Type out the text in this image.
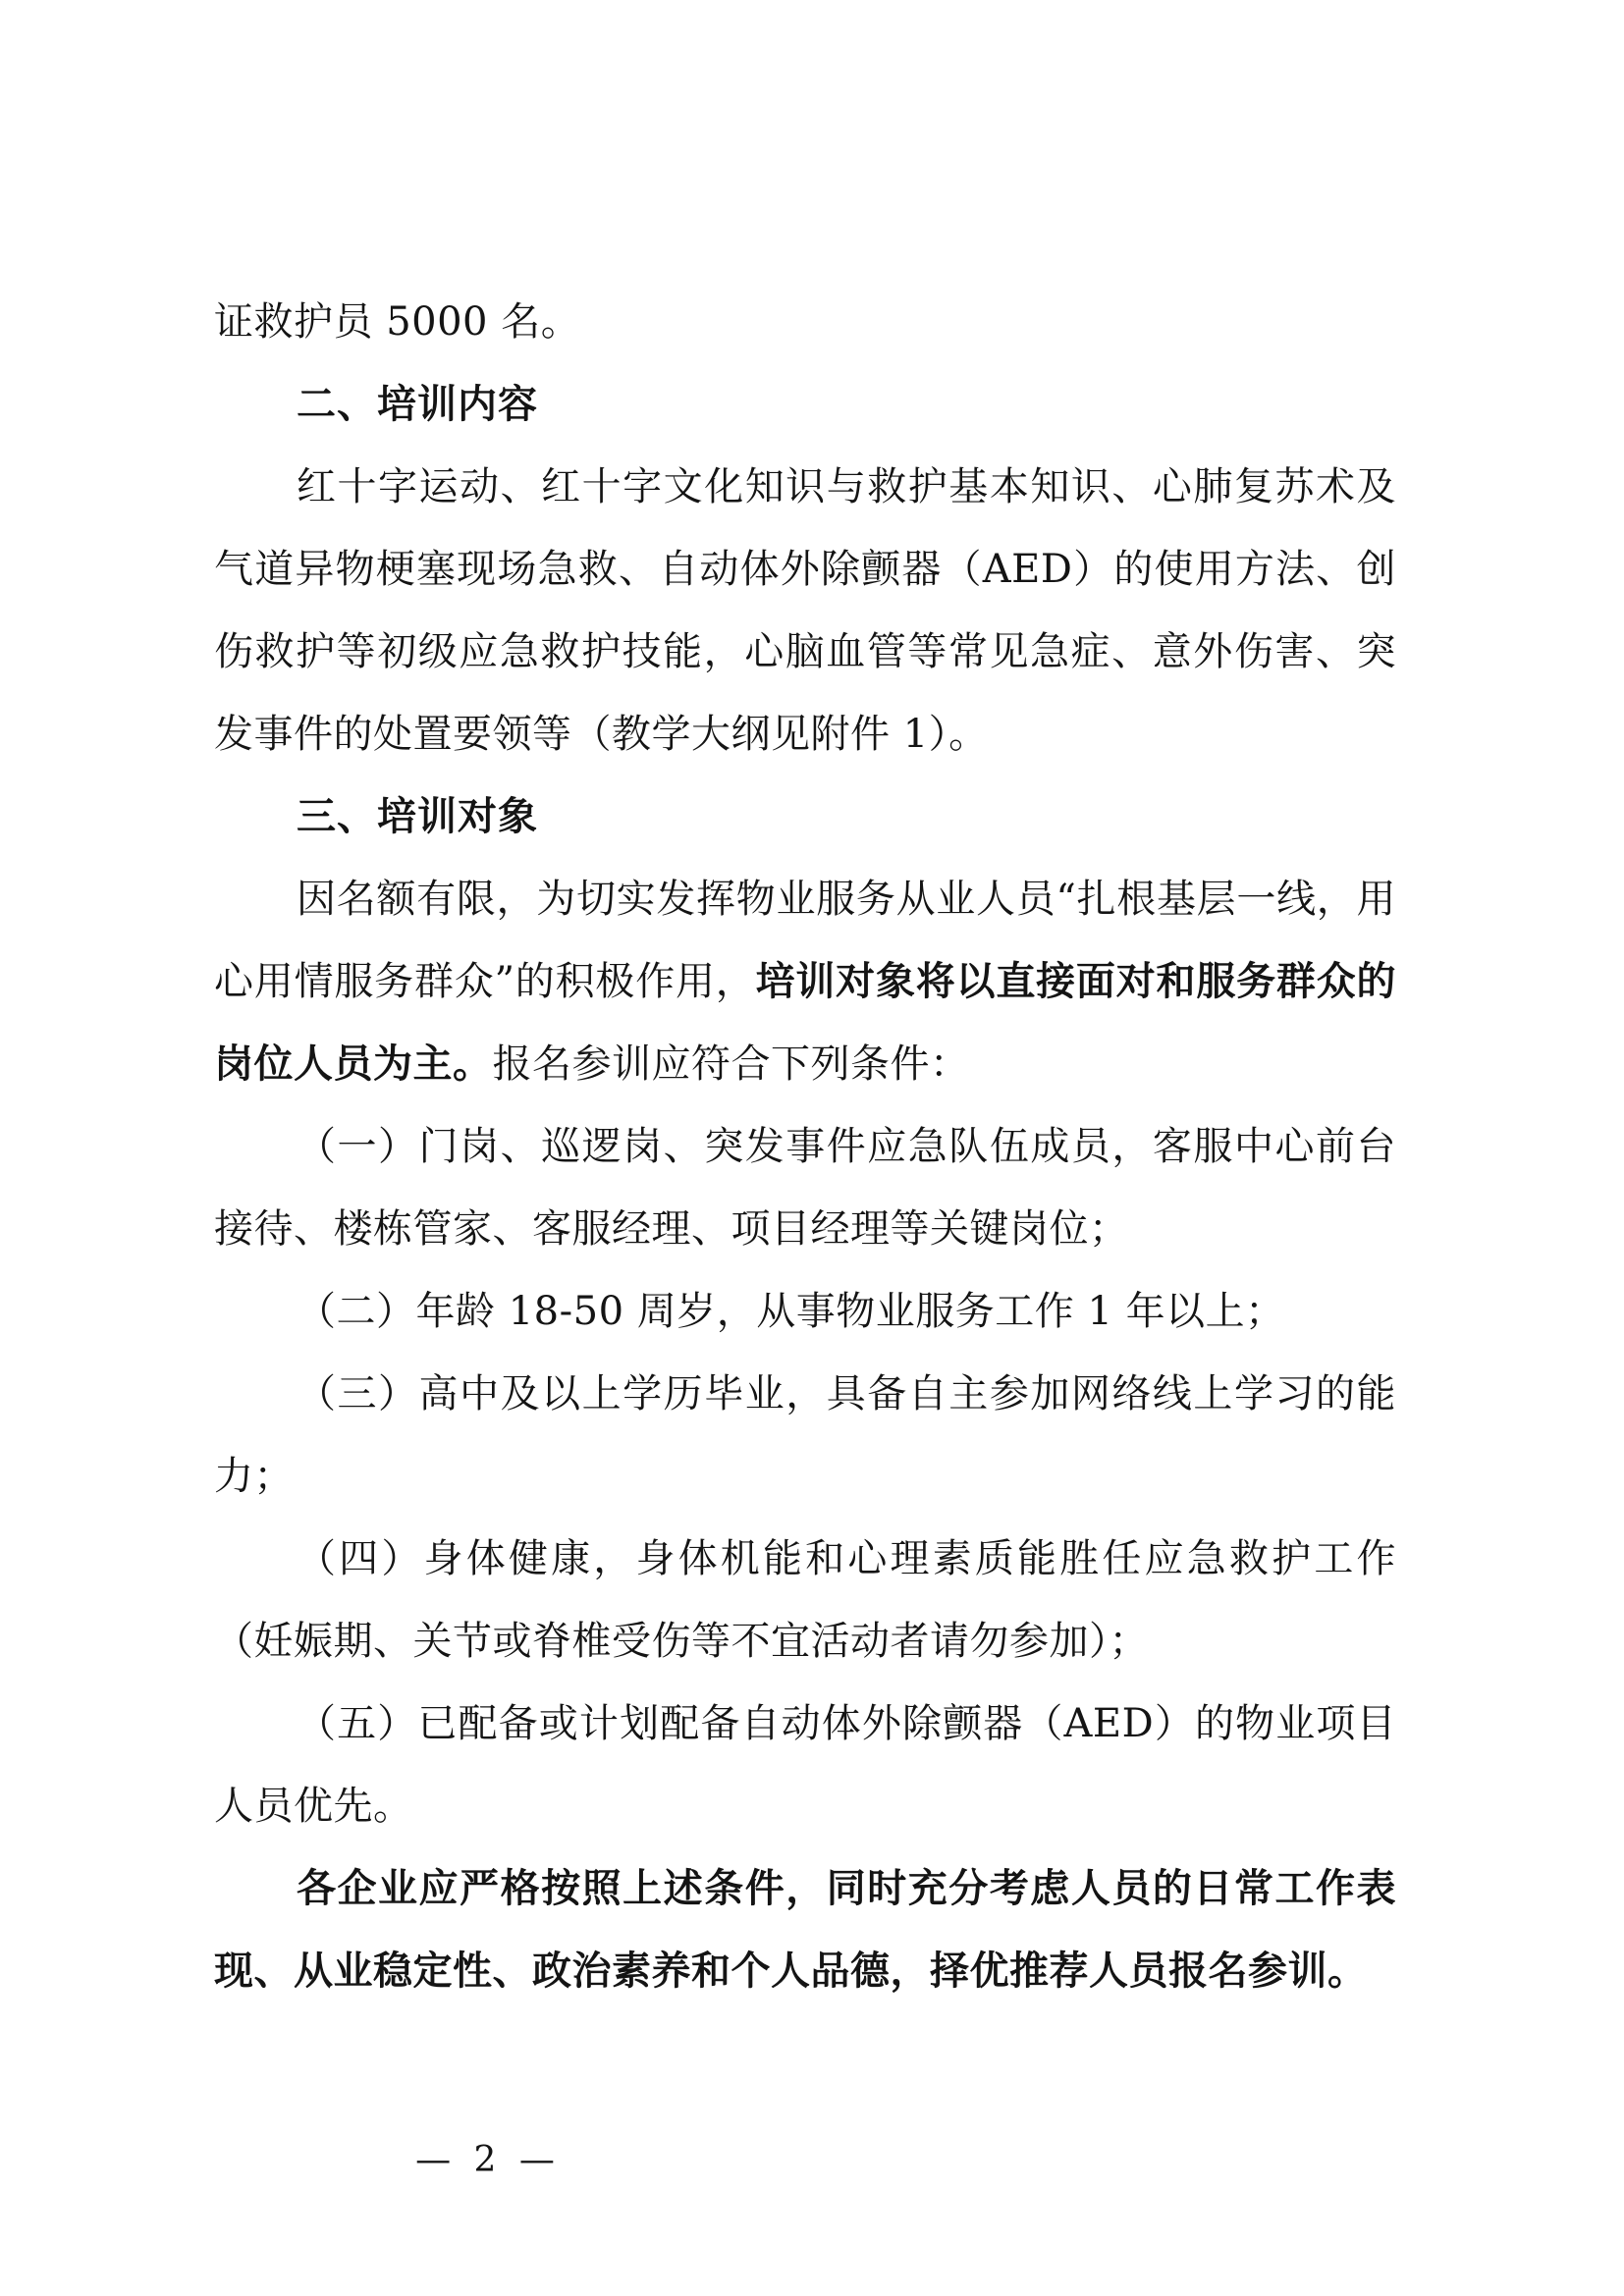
证救护员 5000 名。

二、培训内容

红十字运动、红十字文化知识与救护基本知识、心肺复苏术及气道异物梗塞现场急救、自动体外除颤器（AED）的使用方法、创伤救护等初级应急救护技能，心脑血管等常见急症、意外伤害、突发事件的处置要领等（教学大纲见附件 1）。

三、培训对象

因名额有限，为切实发挥物业服务从业人员“扎根基层一线，用心用情服务群众”的积极作用，培训对象将以直接面对和服务群众的岗位人员为主。报名参训应符合下列条件：

（一）门岗、巡逻岗、突发事件应急队伍成员，客服中心前台接待、楼栋管家、客服经理、项目经理等关键岗位；

（二）年龄 18-50 周岁，从事物业服务工作 1 年以上；

（三）高中及以上学历毕业，具备自主参加网络线上学习的能力；

（四）身体健康，身体机能和心理素质能胜任应急救护工作（妊娠期、关节或脊椎受伤等不宜活动者请勿参加）；

（五）已配备或计划配备自动体外除颤器（AED）的物业项目人员优先。

各企业应严格按照上述条件，同时充分考虑人员的日常工作表现、从业稳定性、政治素养和个人品德，择优推荐人员报名参训。

— 2 —
